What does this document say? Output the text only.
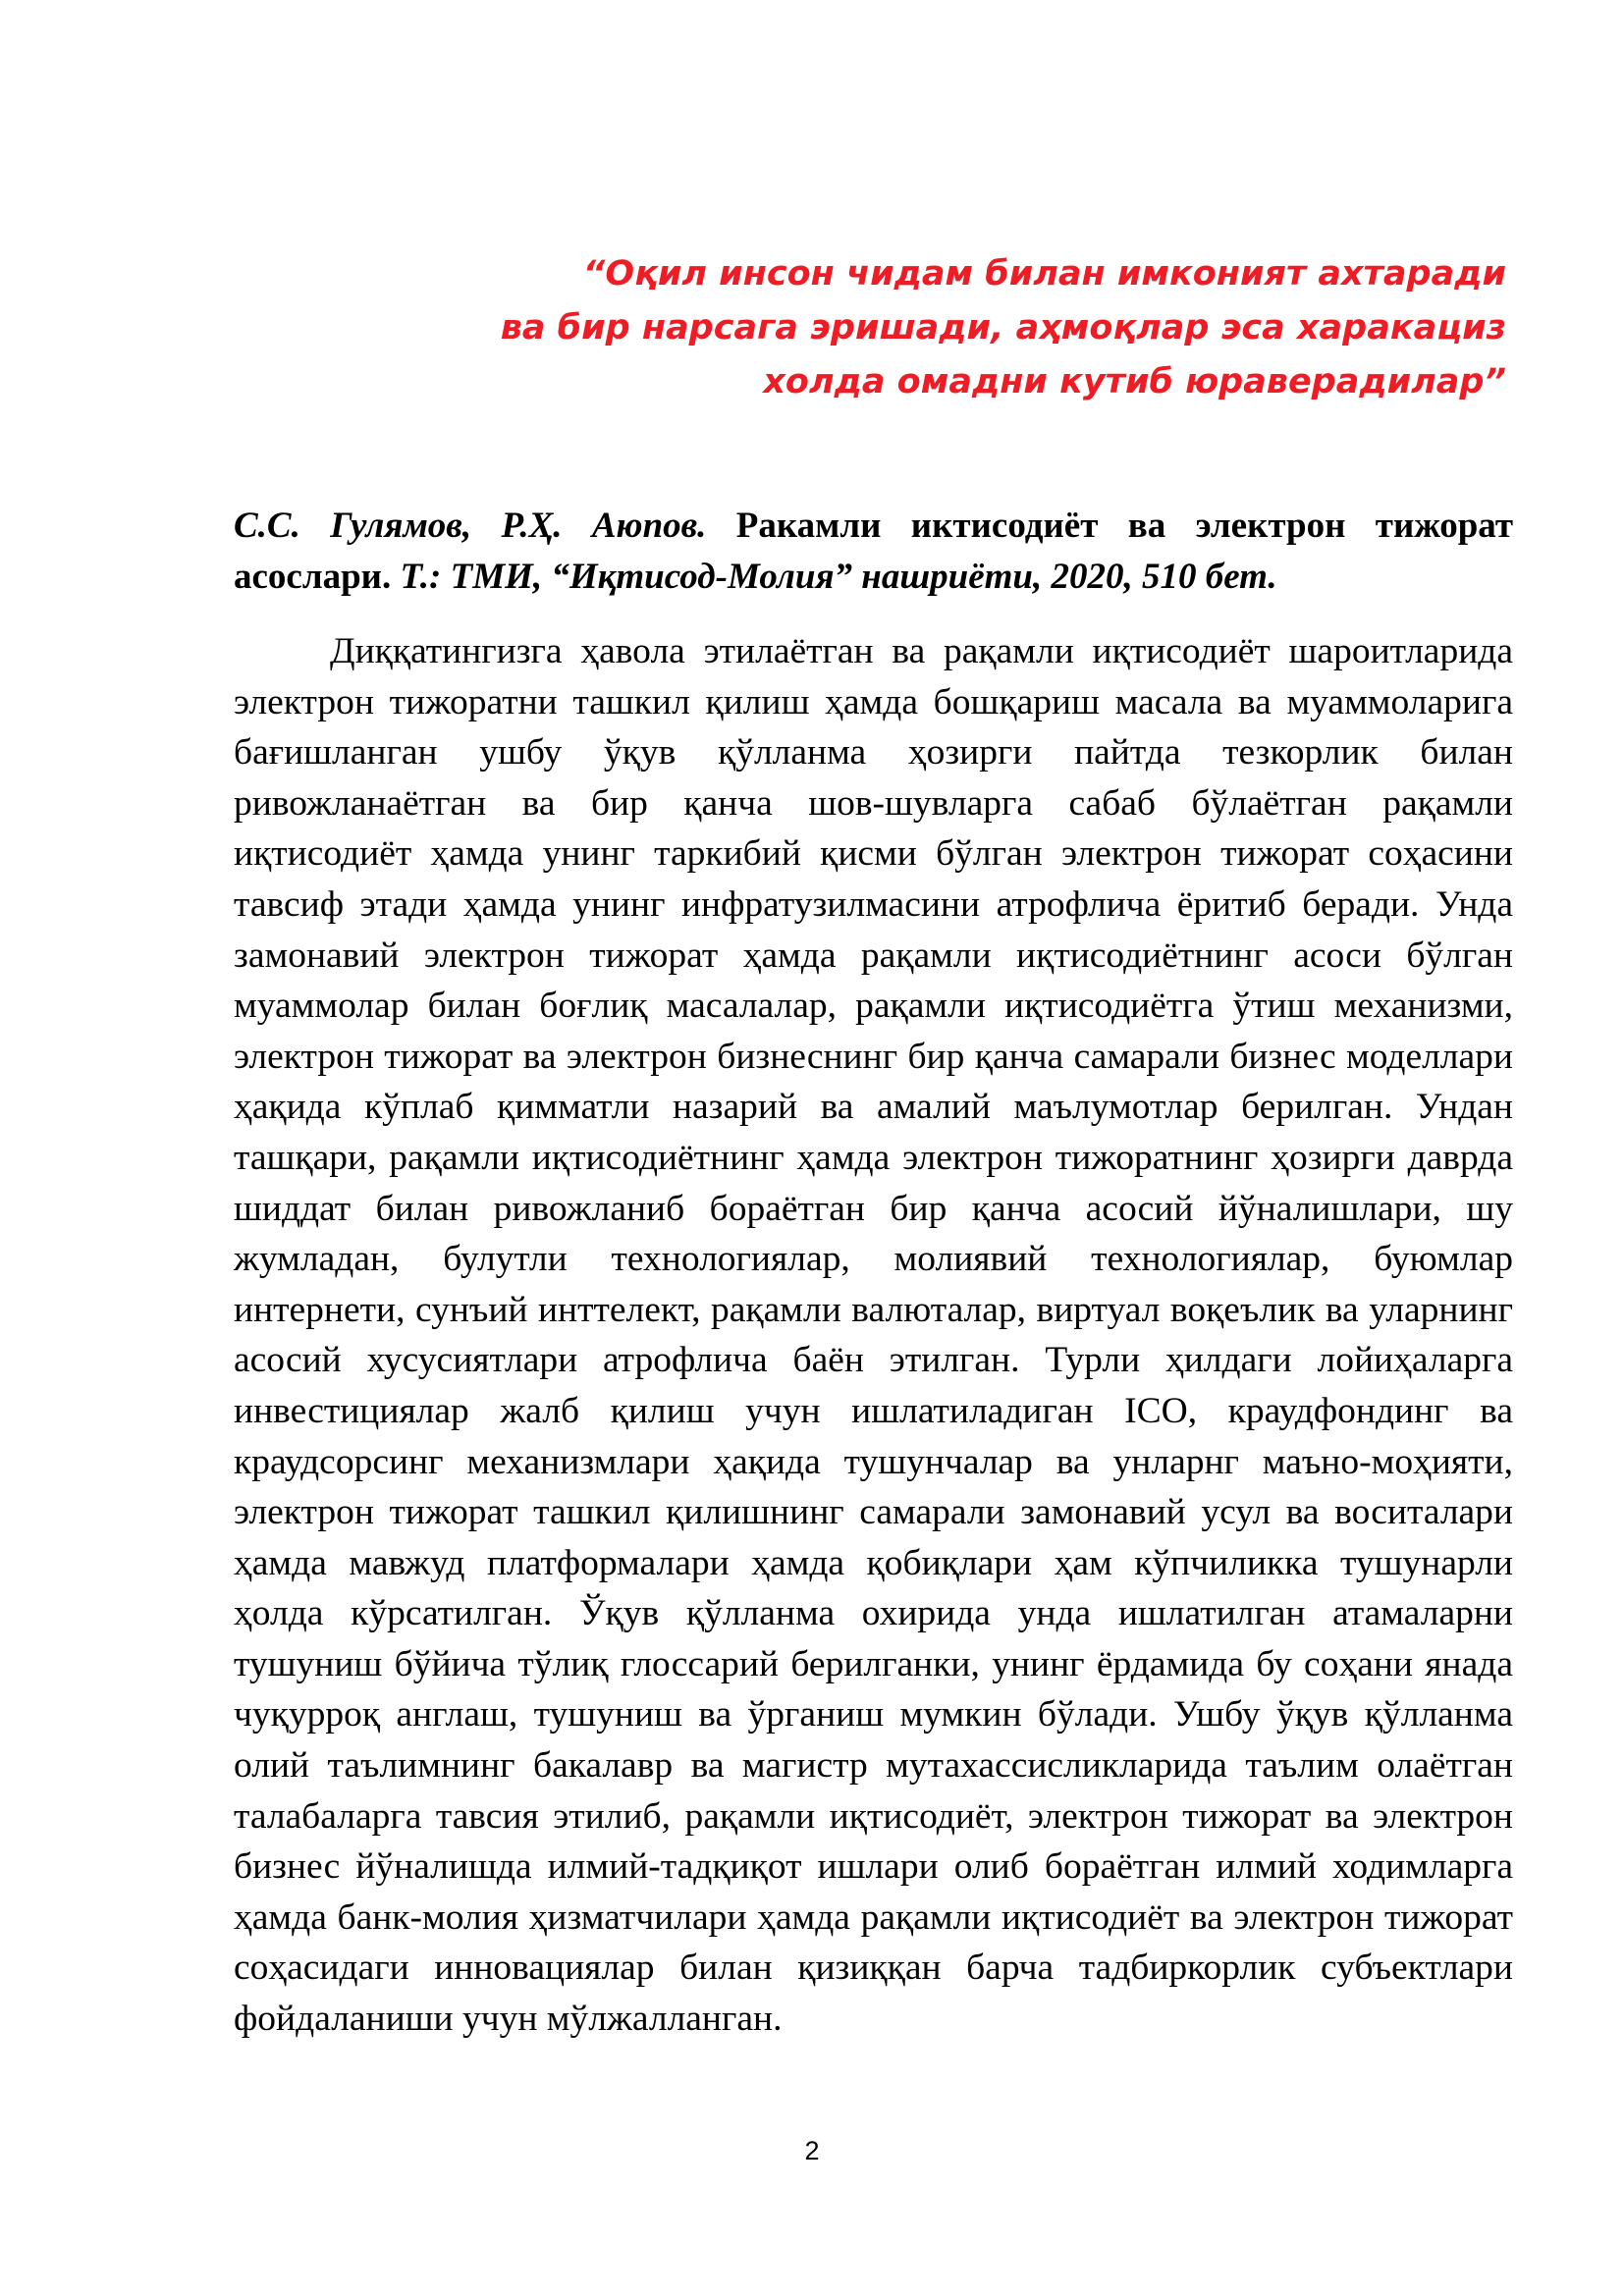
“Оқил инсон чидам билан имконият ахтаради
ва бир нарсага эришади, аҳмоқлар эса харакациз
холда омадни кутиб юраверадилар”
С.С. Гулямов, Р.Ҳ. Аюпов. Ракамли иктисодиёт ва электрон тижорат асослари. Т.: ТМИ, “Иқтисод-Молия” нашриёти, 2020, 510 бет.

Диққатингизга ҳавола этилаётган ва рақамли иқтисодиёт шароитларида электрон тижоратни ташкил қилиш ҳамда бошқариш масала ва муаммоларига бағишланган ушбу ўқув қўлланма ҳозирги пайтда тезкорлик билан ривожланаётган ва бир қанча шов-шувларга сабаб бўлаётган рақамли иқтисодиёт ҳамда унинг таркибий қисми бўлган электрон тижорат соҳасини тавсиф этади ҳамда унинг инфратузилмасини атрофлича ёритиб беради. Унда замонавий электрон тижорат ҳамда рақамли иқтисодиётнинг асоси бўлган муаммолар билан боғлиқ масалалар, рақамли иқтисодиётга ўтиш механизми, электрон тижорат ва электрон бизнеснинг бир қанча самарали бизнес моделлари ҳақида кўплаб қимматли назарий ва амалий маълумотлар берилган. Ундан ташқари, рақамли иқтисодиётнинг ҳамда электрон тижоратнинг ҳозирги даврда шиддат билан ривожланиб бораётган бир қанча асосий йўналишлари, шу жумладан, булутли технологиялар, молиявий технологиялар, буюмлар интернети, сунъий инттелект, рақамли валюталар, виртуал воқеълик ва уларнинг асосий хусусиятлари атрофлича баён этилган. Турли ҳилдаги лойиҳаларга инвестициялар жалб қилиш учун ишлатиладиган ICO, краудфондинг ва краудсорсинг механизмлари ҳақида тушунчалар ва унларнг маъно-моҳияти, электрон тижорат ташкил қилишнинг самарали замонавий усул ва воситалари ҳамда мавжуд платформалари ҳамда қобиқлари ҳам кўпчиликка тушунарли ҳолда кўрсатилган. Ўқув қўлланма охирида унда ишлатилган атамаларни тушуниш бўйича тўлиқ глоссарий берилганки, унинг ёрдамида бу соҳани янада чуқурроқ англаш, тушуниш ва ўрганиш мумкин бўлади. Ушбу ўқув қўлланма олий таълимнинг бакалавр ва магистр мутахассисликларида таълим олаётган талабаларга тавсия этилиб, рақамли иқтисодиёт, электрон тижорат ва электрон бизнес йўналишда илмий-тадқиқот ишлари олиб бораётган илмий ходимларга ҳамда банк-молия ҳизматчилари ҳамда рақамли иқтисодиёт ва электрон тижорат соҳасидаги инновациялар билан қизиққан барча тадбиркорлик субъектлари фойдаланиши учун мўлжалланган.

2
